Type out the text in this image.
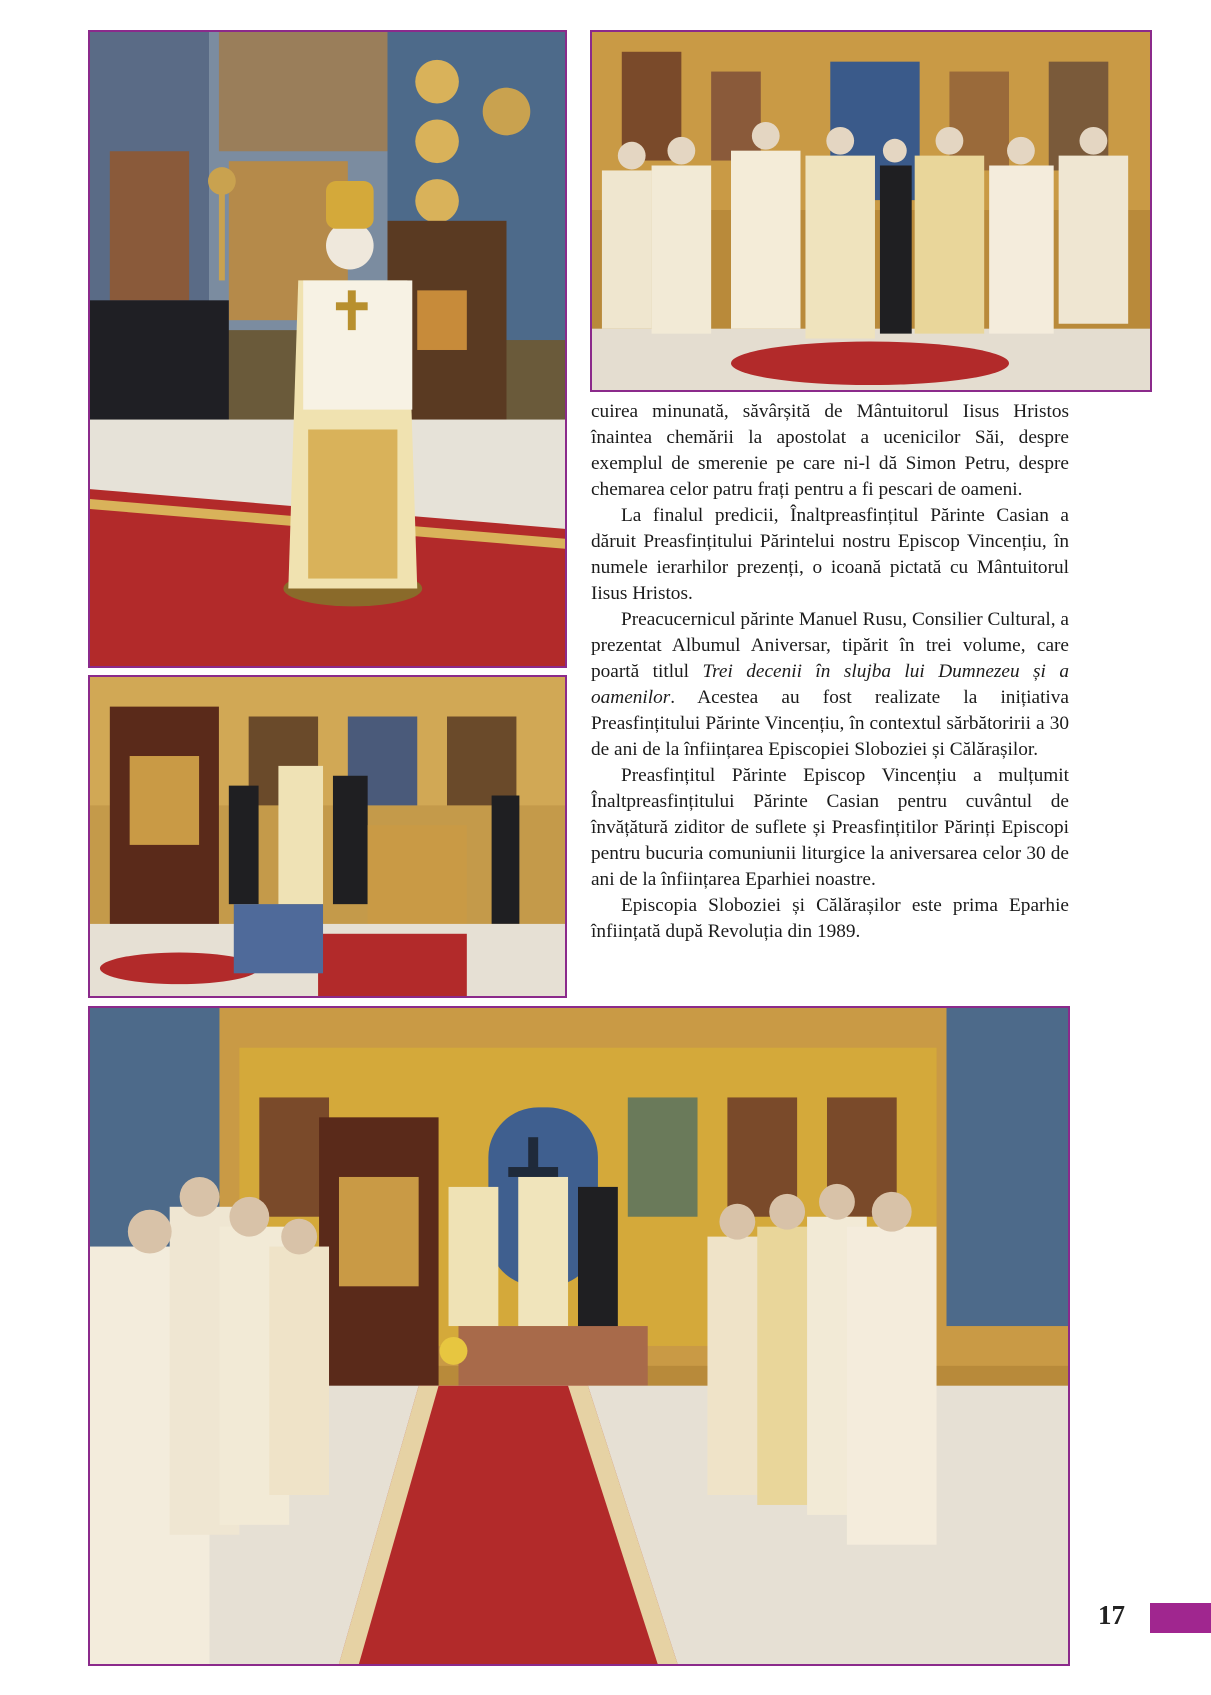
cuirea minunată, săvârșită de Mântuitorul Iisus Hristos înaintea chemării la apostolat a ucenicilor Săi, despre exemplul de smerenie pe care ni-l dă Simon Petru, despre chemarea celor patru frați pentru a fi pescari de oameni.

La finalul predicii, Înaltpreasfințitul Părinte Casian a dăruit Preasfințitului Părintelui nostru Episcop Vincențiu, în numele ierarhilor prezenți, o icoană pictată cu Mântuitorul Iisus Hristos.

Preacucernicul părinte Manuel Rusu, Consilier Cultural, a prezentat Albumul Aniversar, tipărit în trei volume, care poartă titlul Trei decenii în slujba lui Dumnezeu și a oamenilor. Acestea au fost realizate la inițiativa Preasfințitului Părinte Vincențiu, în contextul sărbătoririi a 30 de ani de la înființarea Episcopiei Sloboziei și Călărașilor.

Preasfințitul Părinte Episcop Vincențiu a mulțumit Înaltpreasfințitului Părinte Casian pentru cuvântul de învățătură ziditor de suflete și Preasfințitilor Părinți Episcopi pentru bucuria comuniunii liturgice la aniversarea celor 30 de ani de la înființarea Eparhiei noastre.

Episcopia Sloboziei și Călărașilor este prima Eparhie înființată după Revoluția din 1989.

17
